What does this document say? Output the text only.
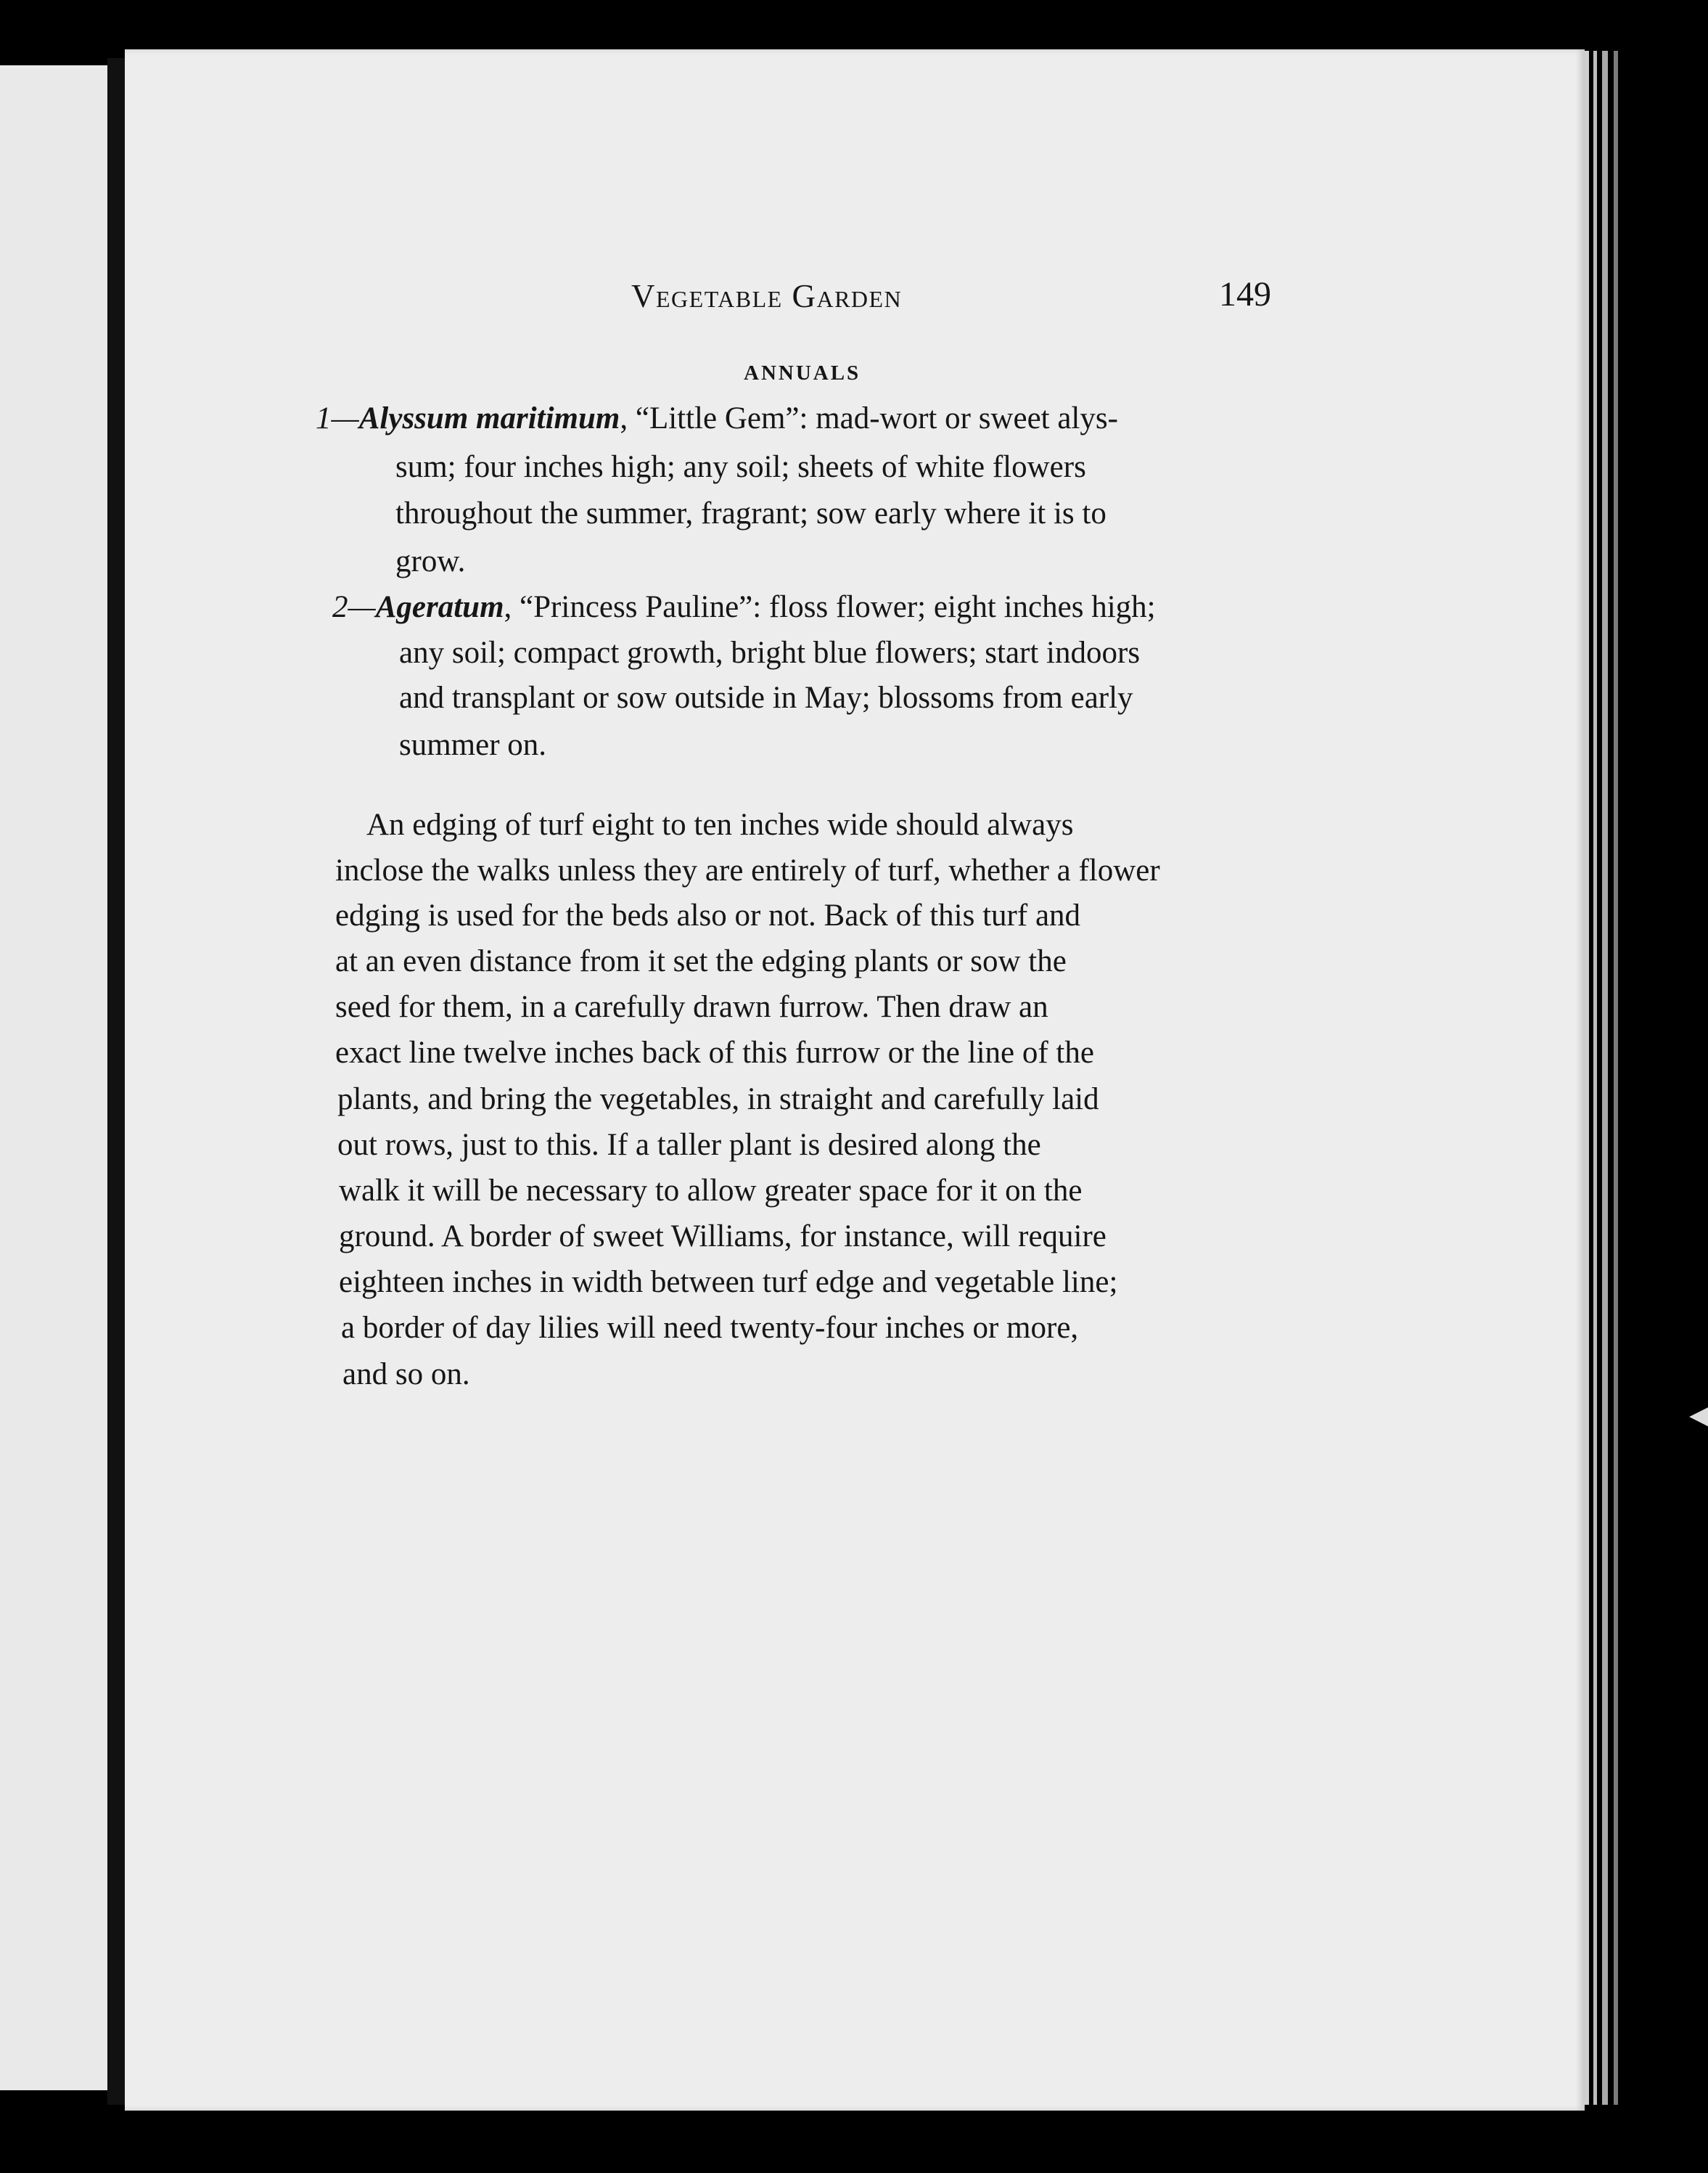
Vegetable Garden	149
ANNUALS
1—Alyssum maritimum, “Little Gem”: mad-wort or sweet alys-
sum; four inches high; any soil; sheets of white flowers
throughout the summer, fragrant; sow early where it is to
grow.
2—Ageratum, “Princess Pauline”: floss flower; eight inches high;
any soil; compact growth, bright blue flowers; start indoors
and transplant or sow outside in May; blossoms from early
summer on.
An edging of turf eight to ten inches wide should always
inclose the walks unless they are entirely of turf, whether a flower
edging is used for the beds also or not. Back of this turf and
at an even distance from it set the edging plants or sow the
seed for them, in a carefully drawn furrow. Then draw an
exact line twelve inches back of this furrow or the line of the
plants, and bring the vegetables, in straight and carefully laid
out rows, just to this. If a taller plant is desired along the
walk it will be necessary to allow greater space for it on the
ground. A border of sweet Williams, for instance, will require
eighteen inches in width between turf edge and vegetable line;
a border of day lilies will need twenty-four inches or more,
and so on.
◀
